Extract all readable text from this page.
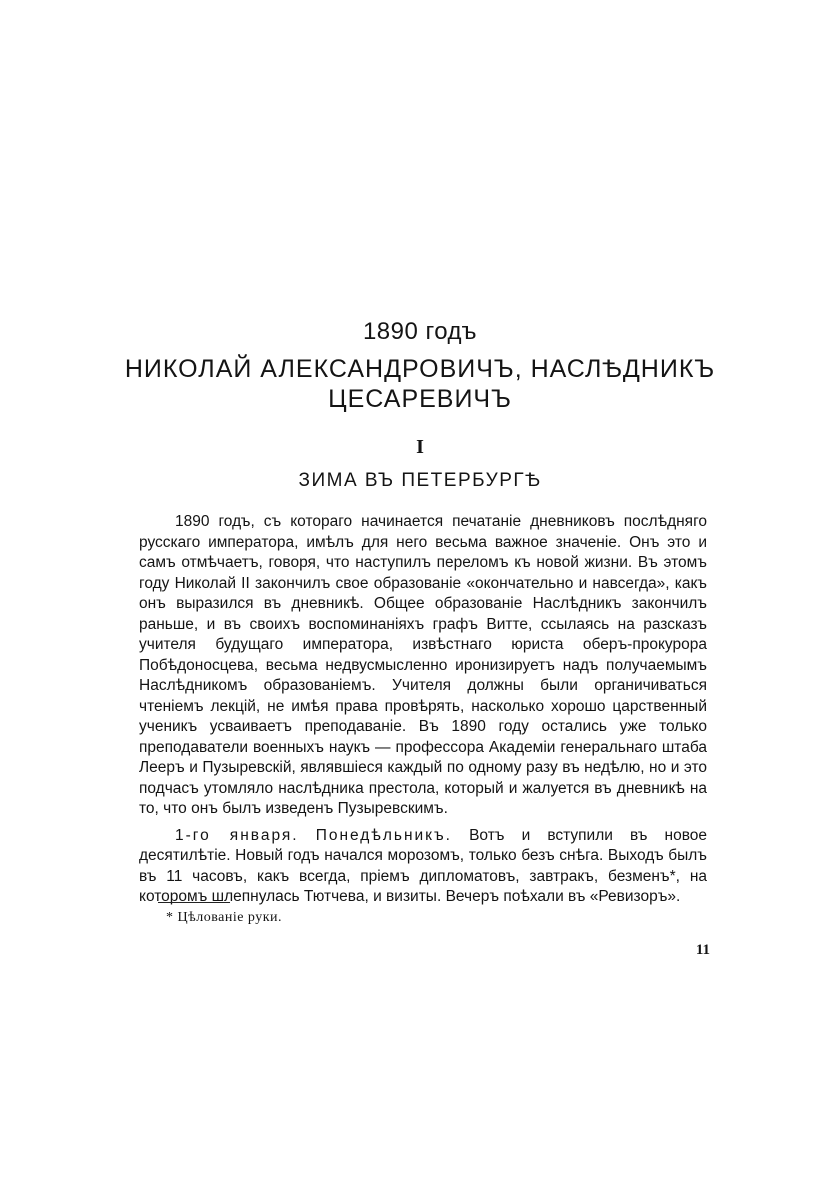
1890 годъ
НИКОЛАЙ АЛЕКСАНДРОВИЧЪ, НАСЛѢДНИКЪ
ЦЕСАРЕВИЧЪ
I
ЗИМА ВЪ ПЕТЕРБУРГѢ

1890 годъ, съ котораго начинается печатаніе дневниковъ послѣдняго русскаго императора, имѣлъ для него весьма важное значеніе. Онъ это и самъ отмѣчаетъ, говоря, что наступилъ переломъ къ новой жизни. Въ этомъ году Николай II закончилъ свое образованіе «окончательно и навсегда», какъ онъ выразился въ дневникѣ. Общее образованіе Наслѣдникъ закончилъ раньше, и въ своихъ воспоминаніяхъ графъ Витте, ссылаясь на разсказъ учителя будущаго императора, извѣстнаго юриста оберъ-прокурора Побѣдоносцева, весьма недвусмысленно иронизируетъ надъ получаемымъ Наслѣдникомъ образованіемъ. Учителя должны были органичиваться чтеніемъ лекцій, не имѣя права провѣрять, насколько хорошо царственный ученикъ усваиваетъ преподаваніе. Въ 1890 году остались уже только преподаватели военныхъ наукъ — профессора Академіи генеральнаго штаба Лееръ и Пузыревскій, являвшіеся каждый по одному разу въ недѣлю, но и это подчасъ утомляло наслѣдника престола, который и жалуется въ дневникѣ на то, что онъ былъ изведенъ Пузыревскимъ.

1-го января. Понедѣльникъ. Вотъ и вступили въ новое десятилѣтіе. Новый годъ начался морозомъ, только безъ снѣга. Выходъ былъ въ 11 часовъ, какъ всегда, пріемъ дипломатовъ, завтракъ, безменъ*, на которомъ шлепнулась Тютчева, и визиты. Вечеръ поѣхали въ «Ревизоръ».

* Цѣлованіе руки.
11
